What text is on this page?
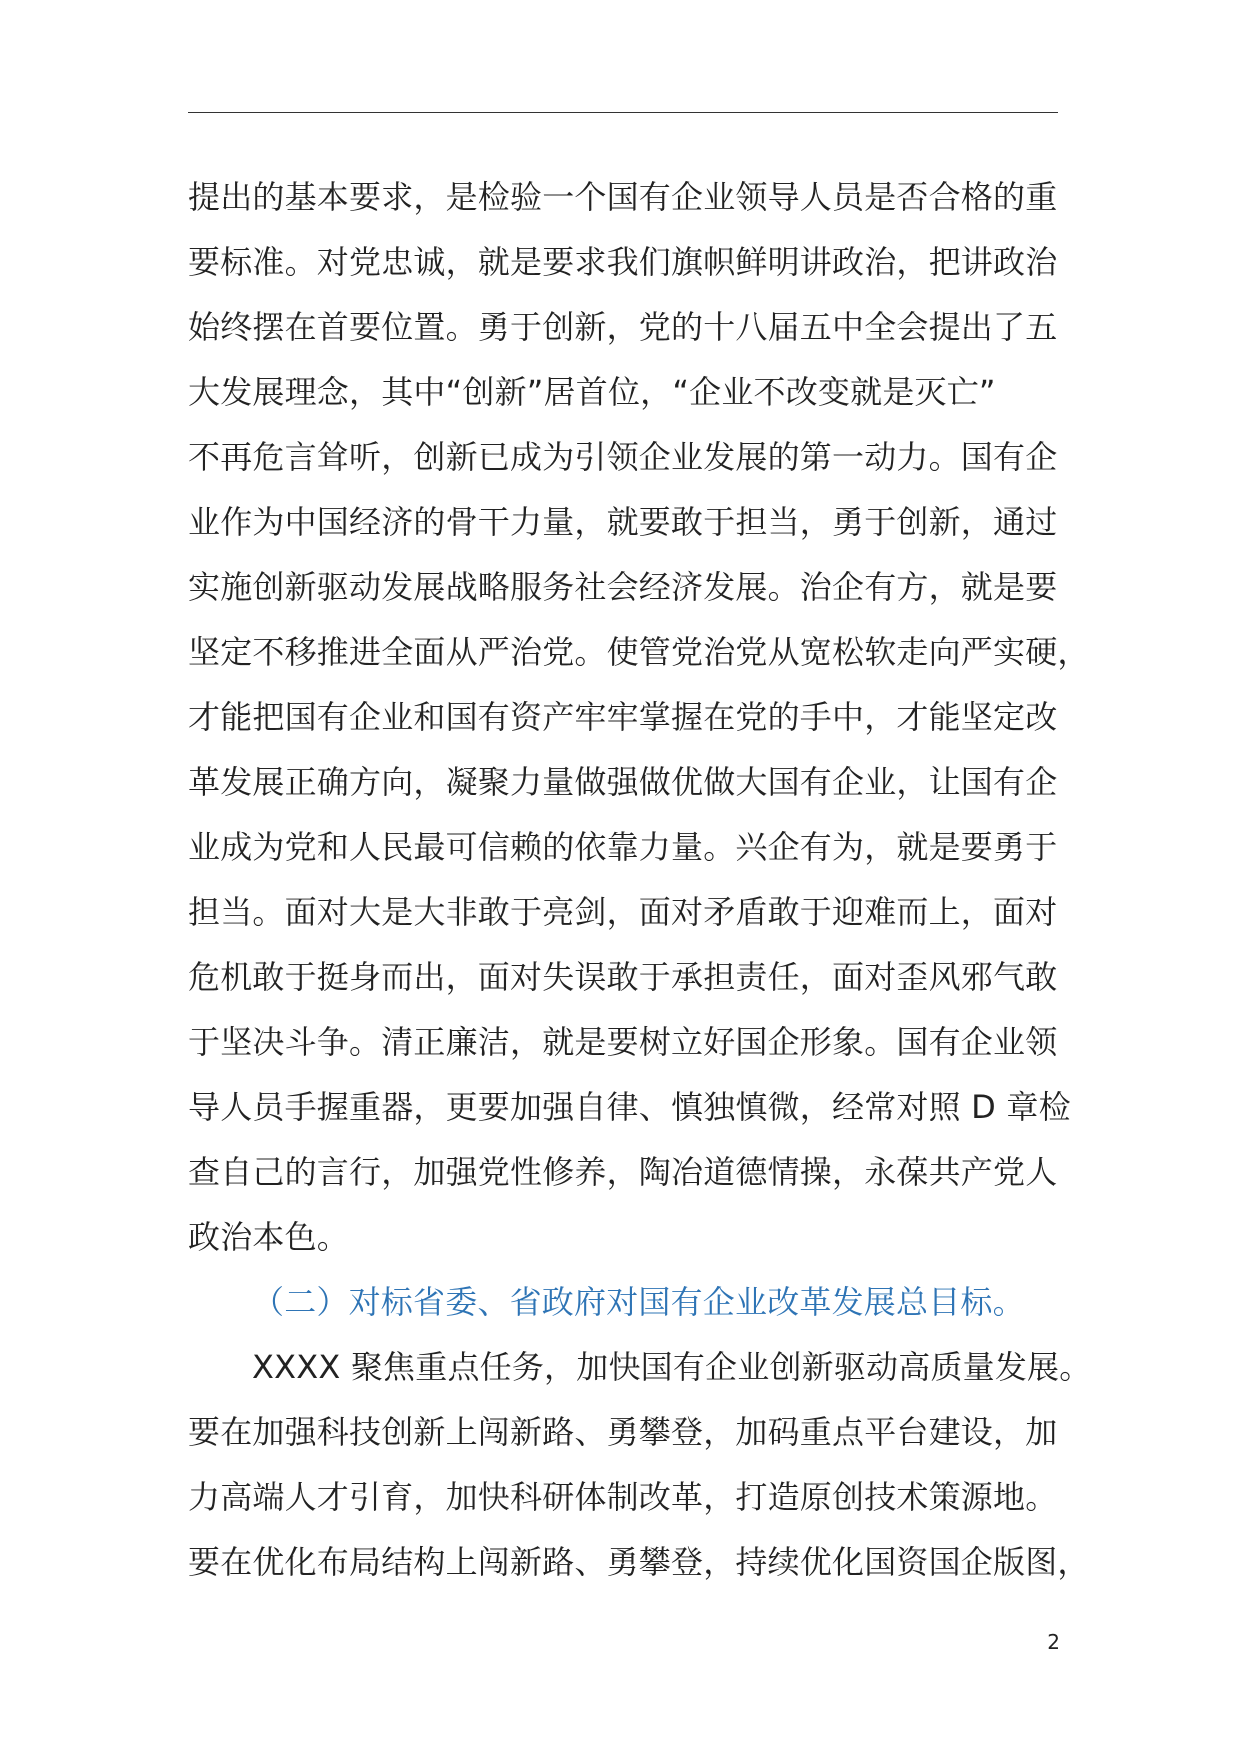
提出的基本要求，是检验一个国有企业领导人员是否合格的重
要标准。对党忠诚，就是要求我们旗帜鲜明讲政治，把讲政治
始终摆在首要位置。勇于创新，党的十八届五中全会提出了五
大发展理念，其中“创新”居首位，“企业不改变就是灭亡”
不再危言耸听，创新已成为引领企业发展的第一动力。国有企
业作为中国经济的骨干力量，就要敢于担当，勇于创新，通过
实施创新驱动发展战略服务社会经济发展。治企有方，就是要
坚定不移推进全面从严治党。使管党治党从宽松软走向严实硬，
才能把国有企业和国有资产牢牢掌握在党的手中，才能坚定改
革发展正确方向，凝聚力量做强做优做大国有企业，让国有企
业成为党和人民最可信赖的依靠力量。兴企有为，就是要勇于
担当。面对大是大非敢于亮剑，面对矛盾敢于迎难而上，面对
危机敢于挺身而出，面对失误敢于承担责任，面对歪风邪气敢
于坚决斗争。清正廉洁，就是要树立好国企形象。国有企业领
导人员手握重器，更要加强自律、慎独慎微，经常对照 D 章检
查自己的言行，加强党性修养，陶冶道德情操，永葆共产党人
政治本色。
（二）对标省委、省政府对国有企业改革发展总目标。
XXXX 聚焦重点任务，加快国有企业创新驱动高质量发展。
要在加强科技创新上闯新路、勇攀登，加码重点平台建设，加
力高端人才引育，加快科研体制改革，打造原创技术策源地。
要在优化布局结构上闯新路、勇攀登，持续优化国资国企版图，
2
